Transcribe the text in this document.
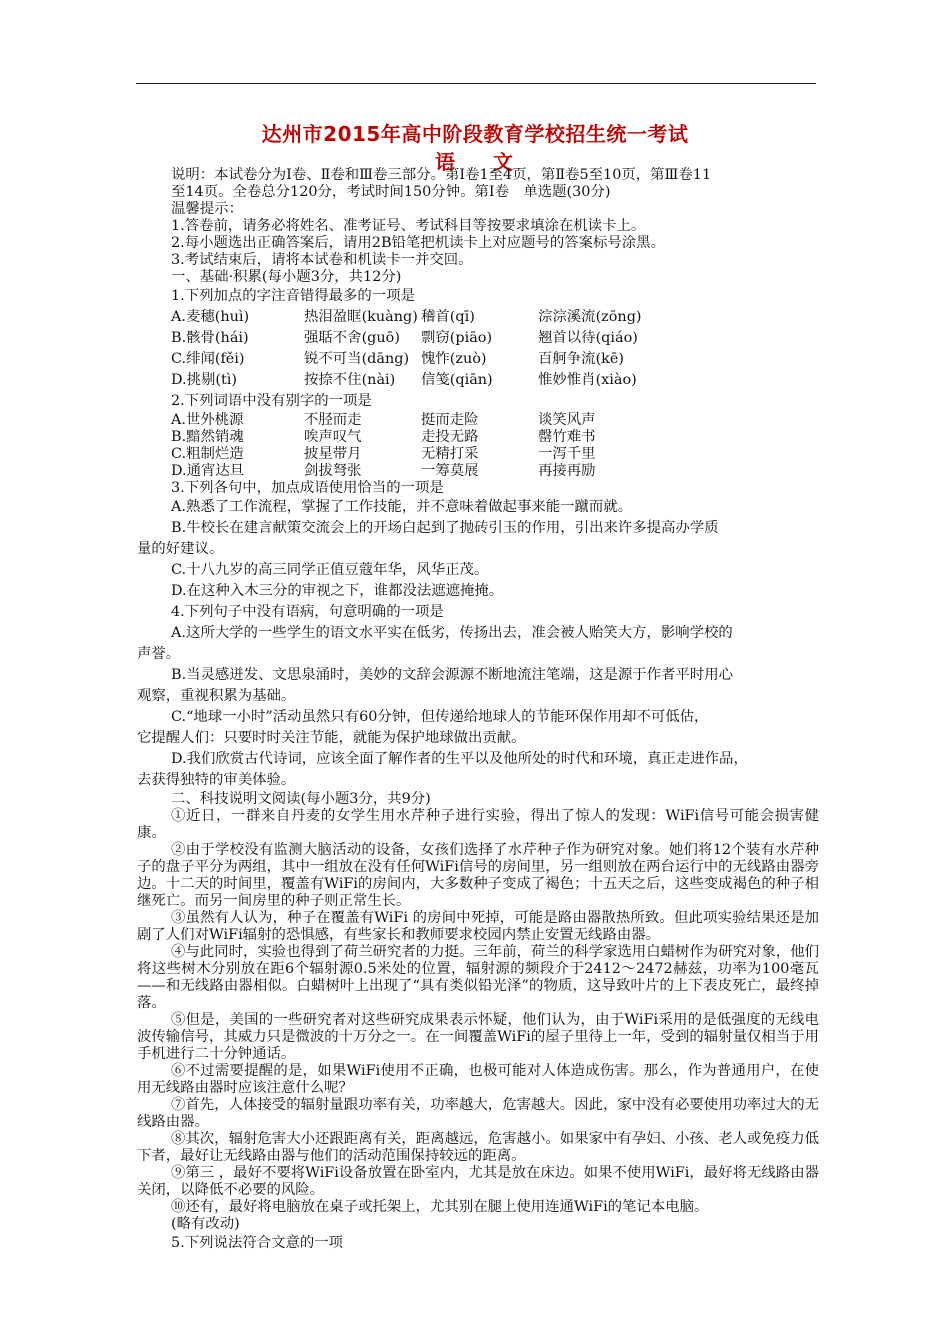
达州市2015年高中阶段教育学校招生统一考试
语文
说明：本试卷分为Ⅰ卷、Ⅱ卷和Ⅲ卷三部分。第Ⅰ卷1至4页，第Ⅱ卷5至10页，第Ⅲ卷11
至14页。全卷总分120分，考试时间150分钟。第Ⅰ卷　单选题(30分)
温馨提示：
1.答卷前，请务必将姓名、准考证号、考试科目等按要求填涂在机读卡上。
2.每小题选出正确答案后，请用2B铅笔把机读卡上对应题号的答案标号涂黑。
3.考试结束后，请将本试卷和机读卡一并交回。
一、基础·积累(每小题3分，共12分)
1.下列加点的字注音错得最多的一项是
A.麦穗(huì)	热泪盈眶(kuàng) 稽首(qī)	淙淙溪流(zōng)
B.骸骨(hái)	强聒不舍(guō)	剽窃(piāo)	翘首以待(qiáo)
C.绯闻(fěi)	锐不可当(dāng) 愧怍(zuò)	百舸争流(kē)
D.挑剔(tì)	按捺不住(nài)	信笺(qiān)	惟妙惟肖(xiào)
2.下列词语中没有别字的一项是
A.世外桃源	不胫而走	挺而走险	谈笑风声
B.黯然销魂	唉声叹气	走投无路	罄竹难书
C.粗制烂造	披星带月	无精打采	一泻千里
D.通宵达旦	剑拔弩张	一筹莫展	再接再励
3.下列各句中，加点成语使用恰当的一项是
A.熟悉了工作流程，掌握了工作技能，并不意味着做起事来能一蹴而就。
B.牛校长在建言献策交流会上的开场白起到了抛砖引玉的作用，引出来许多提高办学质
量的好建议。
C.十八九岁的高三同学正值豆蔻年华，风华正茂。
D.在这种入木三分的审视之下，谁都没法遮遮掩掩。
4.下列句子中没有语病，句意明确的一项是
A.这所大学的一些学生的语文水平实在低劣，传扬出去，准会被人贻笑大方，影响学校的
声誉。
B.当灵感迸发、文思泉涌时，美妙的文辞会源源不断地流注笔端，这是源于作者平时用心
观察，重视积累为基础。
C.“地球一小时”活动虽然只有60分钟，但传递给地球人的节能环保作用却不可低估，
它提醒人们：只要时时关注节能，就能为保护地球做出贡献。
D.我们欣赏古代诗词，应该全面了解作者的生平以及他所处的时代和环境，真正走进作品，
去获得独特的审美体验。
二、科技说明文阅读(每小题3分，共9分)
①近日，一群来自丹麦的女学生用水芹种子进行实验，得出了惊人的发现：WiFi信号可能会损害健康。
②由于学校没有监测大脑活动的设备，女孩们选择了水芹种子作为研究对象。她们将12个装有水芹种子的盘子平分为两组，其中一组放在没有任何WiFi信号的房间里，另一组则放在两台运行中的无线路由器旁边。十二天的时间里，覆盖有WiFi的房间内，大多数种子变成了褐色；十五天之后，这些变成褐色的种子相继死亡。而另一间房里的种子则正常生长。
③虽然有人认为，种子在覆盖有WiFi 的房间中死掉，可能是路由器散热所致。但此项实验结果还是加剧了人们对WiFi辐射的恐惧感，有些家长和教师要求校园内禁止安置无线路由器。
④与此同时，实验也得到了荷兰研究者的力挺。三年前，荷兰的科学家选用白蜡树作为研究对象，他们将这些树木分别放在距6个辐射源0.5米处的位置，辐射源的频段介于2412～2472赫兹，功率为100毫瓦——和无线路由器相似。白蜡树叶上出现了“具有类似铅光泽”的物质，这导致叶片的上下表皮死亡，最终掉落。
⑤但是，美国的一些研究者对这些研究成果表示怀疑，他们认为，由于WiFi采用的是低强度的无线电波传输信号，其威力只是微波的十万分之一。在一间覆盖WiFi的屋子里待上一年，受到的辐射量仅相当于用手机进行二十分钟通话。
⑥不过需要提醒的是，如果WiFi使用不正确，也极可能对人体造成伤害。那么，作为普通用户，在使用无线路由器时应该注意什么呢？
⑦首先，人体接受的辐射量跟功率有关，功率越大，危害越大。因此，家中没有必要使用功率过大的无线路由器。
⑧其次，辐射危害大小还跟距离有关，距离越远，危害越小。如果家中有孕妇、小孩、老人或免疫力低下者，最好让无线路由器与他们的活动范围保持较远的距离。
⑨第三 ，最好不要将WiFi设备放置在卧室内，尤其是放在床边。如果不使用WiFi，最好将无线路由器关闭，以降低不必要的风险。
⑩还有，最好将电脑放在桌子或托架上，尤其别在腿上使用连通WiFi的笔记本电脑。
(略有改动)
5.下列说法符合文意的一项
